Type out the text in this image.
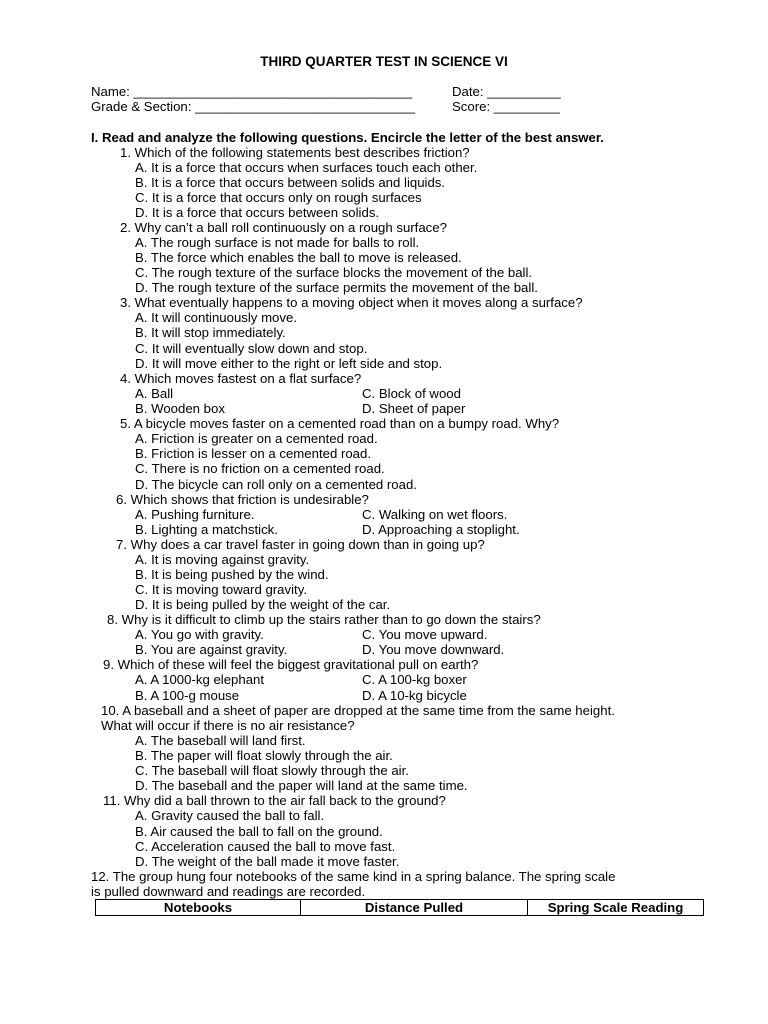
THIRD QUARTER TEST IN SCIENCE VI
Name: ______________________________________	Date: __________
Grade & Section: ______________________________	Score: _________
I. Read and analyze the following questions. Encircle the letter of the best answer.
1. Which of the following statements best describes friction?
A. It is a force that occurs when surfaces touch each other.
B. It is a force that occurs between solids and liquids.
C. It is a force that occurs only on rough surfaces
D. It is a force that occurs between solids.
2. Why can’t a ball roll continuously on a rough surface?
A. The rough surface is not made for balls to roll.
B. The force which enables the ball to move is released.
C. The rough texture of the surface blocks the movement of the ball.
D. The rough texture of the surface permits the movement of the ball.
3. What eventually happens to a moving object when it moves along a surface?
A. It will continuously move.
B. It will stop immediately.
C. It will eventually slow down and stop.
D. It will move either to the right or left side and stop.
4. Which moves fastest on a flat surface?
A. Ball	C. Block of wood
B. Wooden box	D. Sheet of paper
5. A bicycle moves faster on a cemented road than on a bumpy road. Why?
A. Friction is greater on a cemented road.
B. Friction is lesser on a cemented road.
C. There is no friction on a cemented road.
D. The bicycle can roll only on a cemented road.
6. Which shows that friction is undesirable?
A. Pushing furniture.	C. Walking on wet floors.
B. Lighting a matchstick.	D. Approaching a stoplight.
7. Why does a car travel faster in going down than in going up?
A. It is moving against gravity.
B. It is being pushed by the wind.
C. It is moving toward gravity.
D. It is being pulled by the weight of the car.
8. Why is it difficult to climb up the stairs rather than to go down the stairs?
A. You go with gravity.	C. You move upward.
B. You are against gravity.	D. You move downward.
9. Which of these will feel the biggest gravitational pull on earth?
A. A 1000-kg elephant	C. A 100-kg boxer
B. A 100-g mouse	D. A 10-kg bicycle
10. A baseball and a sheet of paper are dropped at the same time from the same height.
What will occur if there is no air resistance?
A. The baseball will land first.
B. The paper will float slowly through the air.
C. The baseball will float slowly through the air.
D. The baseball and the paper will land at the same time.
11. Why did a ball thrown to the air fall back to the ground?
A. Gravity caused the ball to fall.
B. Air caused the ball to fall on the ground.
C. Acceleration caused the ball to move fast.
D. The weight of the ball made it move faster.
12. The group hung four notebooks of the same kind in a spring balance. The spring scale
is pulled downward and readings are recorded.
Notebooks	Distance Pulled	Spring Scale Reading
